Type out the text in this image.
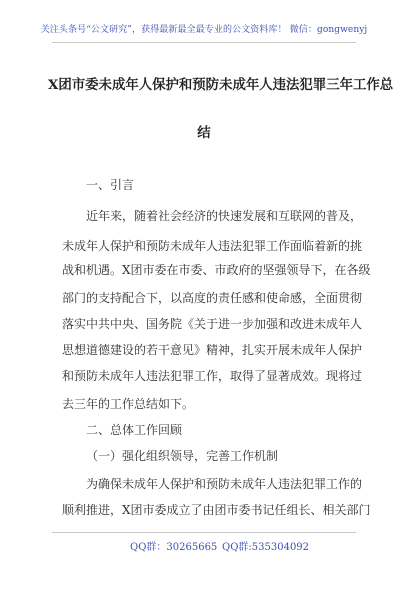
关注头条号“公文研究”，获得最新最全最专业的公文资料库！ 微信：gongwenyj
X团市委未成年人保护和预防未成年人违法犯罪三年工作总
结
一、引言
近年来，随着社会经济的快速发展和互联网的普及，
未成年人保护和预防未成年人违法犯罪工作面临着新的挑
战和机遇。X团市委在市委、市政府的坚强领导下，在各级
部门的支持配合下，以高度的责任感和使命感，全面贯彻
落实中共中央、国务院《关于进一步加强和改进未成年人
思想道德建设的若干意见》精神，扎实开展未成年人保护
和预防未成年人违法犯罪工作，取得了显著成效。现将过
去三年的工作总结如下。
二、总体工作回顾
（一）强化组织领导，完善工作机制
为确保未成年人保护和预防未成年人违法犯罪工作的
顺利推进，X团市委成立了由团市委书记任组长、相关部门
QQ群：30265665 QQ群:535304092
